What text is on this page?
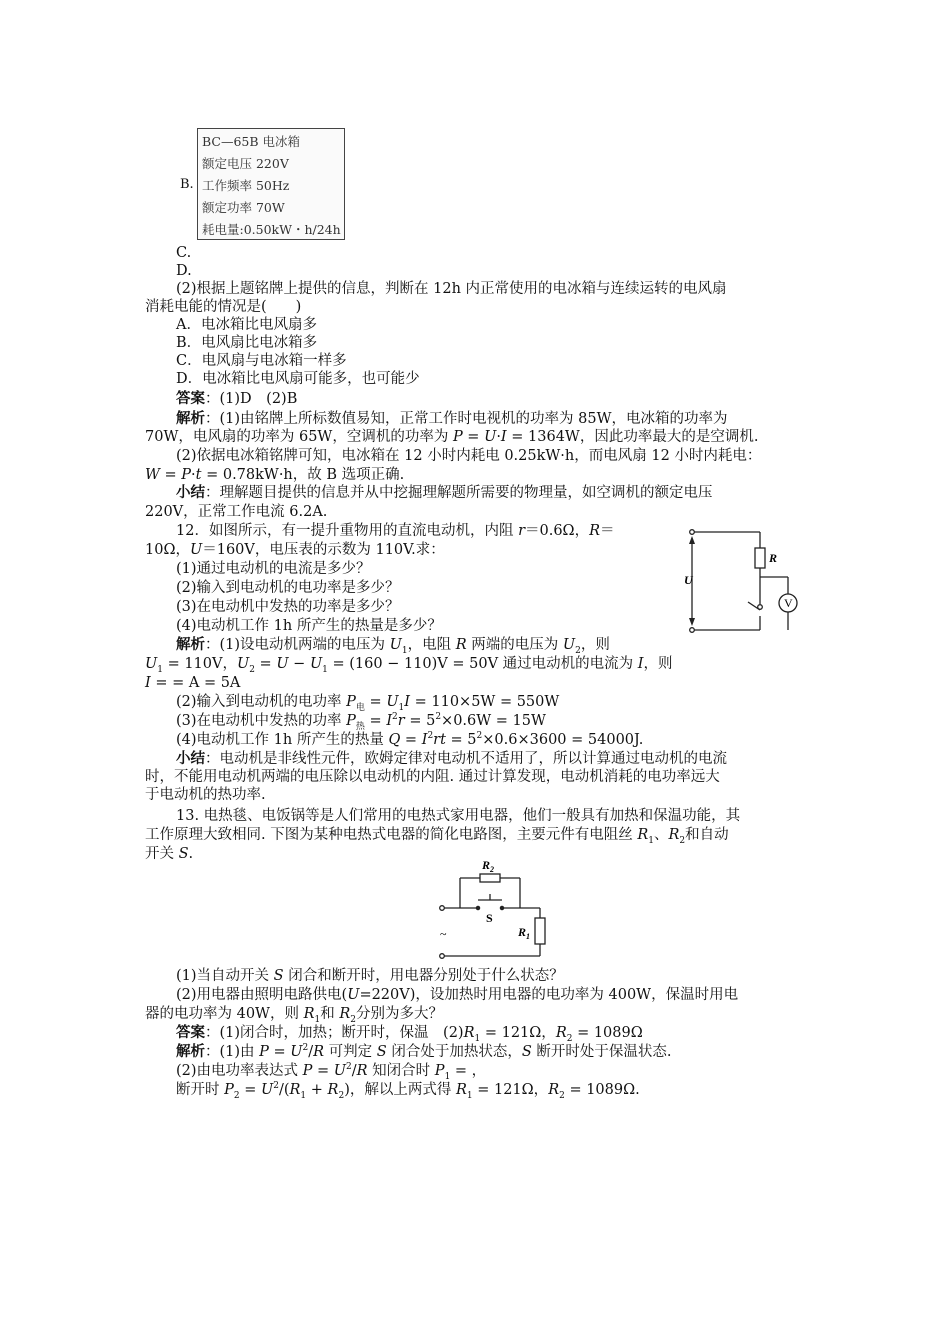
B.
BC—65B 电冰箱
额定电压 220V
工作频率 50Hz
额定功率 70W
耗电量:0.50kW・h/24h
C.
D.
(2)根据上题铭牌上提供的信息，判断在 12h 内正常使用的电冰箱与连续运转的电风扇
消耗电能的情况是(　　)
A．电冰箱比电风扇多
B．电风扇比电冰箱多
C．电风扇与电冰箱一样多
D．电冰箱比电风扇可能多，也可能少
答案：(1)D　(2)B
解析：(1)由铭牌上所标数值易知，正常工作时电视机的功率为 85W，电冰箱的功率为
70W，电风扇的功率为 65W，空调机的功率为 P = U·I = 1364W，因此功率最大的是空调机.
(2)依据电冰箱铭牌可知，电冰箱在 12 小时内耗电 0.25kW·h，而电风扇 12 小时内耗电：
W = P·t = 0.78kW·h，故 B 选项正确.
小结：理解题目提供的信息并从中挖掘理解题所需要的物理量，如空调机的额定电压
220V，正常工作电流 6.2A.
12．如图所示，有一提升重物用的直流电动机，内阻 r＝0.6Ω，R＝
10Ω，U＝160V，电压表的示数为 110V.求：
(1)通过电动机的电流是多少？
(2)输入到电动机的电功率是多少？
(3)在电动机中发热的功率是多少？
(4)电动机工作 1h 所产生的热量是多少？
解析：(1)设电动机两端的电压为 $U_1$，电阻 R 两端的电压为 $U_2$，则
$U_1 = 110V$，$U_2 = U - U_1 = (160 - 110)V = 50V$ 通过电动机的电流为 I，则
I = = A = 5A
(2)输入到电动机的电功率 $P_电 = U_1I = 110\times 5W = 550W$
(3)在电动机中发热的功率 $P_热 = I^2r = 5^2\times 0.6W = 15W$
(4)电动机工作 1h 所产生的热量 $Q = I^2rt = 5^2\times 0.6\times 3600 = 54000J$.
小结：电动机是非线性元件，欧姆定律对电动机不适用了，所以计算通过电动机的电流
时，不能用电动机两端的电压除以电动机的内阻. 通过计算发现，电动机消耗的电功率远大
于电动机的热功率.
R
U
V
13. 电热毯、电饭锅等是人们常用的电热式家用电器，他们一般具有加热和保温功能，其
工作原理大致相同. 下图为某种电热式电器的简化电路图，主要元件有电阻丝 $R_1$、$R_2$和自动
开关 S.
$R_2$
S
$R_1$
~
(1)当自动开关 S 闭合和断开时，用电器分别处于什么状态？
(2)用电器由照明电路供电(U=220V)，设加热时用电器的电功率为 400W，保温时用电
器的电功率为 40W，则 $R_1$和 $R_2$分别为多大？
答案：(1)闭合时，加热；断开时，保温　$(2)R_1 = 121\Omega$，$R_2 = 1089\Omega$
解析：(1)由 $P = U^2/R$ 可判定 S 闭合处于加热状态，S 断开时处于保温状态.
(2)由电功率表达式 $P = U^2/R$ 知闭合时 $P_1$ = ，
断开时 $P_2 = U^2/(R_1 + R_2)$，解以上两式得 $R_1 = 121\Omega$，$R_2 = 1089\Omega$.
